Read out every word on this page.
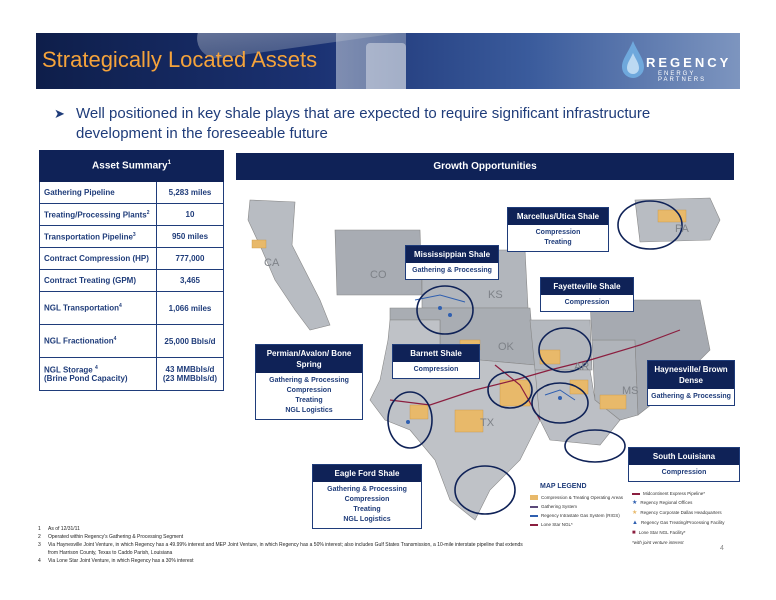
Strategically Located Assets	REGENCY
ENERGY PARTNERS
➤ Well positioned in key shale plays that are expected to require significant infrastructure development in the foreseeable future
Asset Summary$^1$
Gathering Pipeline	5,283 miles
Treating/Processing Plants$^2$	10
Transportation Pipeline$^3$	950 miles
Contract Compression (HP)	777,000
Contract Treating (GPM)	3,465
NGL Transportation$^4$	1,066 miles
NGL Fractionation$^4$	25,000 Bbls/d
NGL Storage $^4$
(Brine Pond Capacity)	43 MMBbls/d
(23 MMBbls/d)
Growth Opportunities
CA
CO
KS
OK
AR
MS
TX
PA
Marcellus/Utica Shale
Compression
Treating
Mississippian Shale
Gathering & Processing
Fayetteville Shale
Compression
Permian/Avalon/ Bone Spring
Gathering & Processing
Compression
Treating
NGL Logistics
Barnett Shale
Compression	Haynesville/ Brown Dense
Gathering & Processing
South Louisiana
Compression
Eagle Ford Shale
Gathering & Processing
Compression
Treating
NGL Logistics
MAP LEGEND
Compression & Treating Operating Areas
Gathering System
Regency Intrastate Gas System (RIGS)
Lone Star NGL*
Midcontinent Express Pipeline*
★ Regency Regional Offices
★ Regency Corporate Dallas Headquarters
▲ Regency Gas Treating/Processing Facility
■ Lone Star NGL Facility*
*with joint venture interest
1	As of 12/31/11
2	Operated within Regency's Gathering & Processing Segment
3	Via Haynesville Joint Venture, in which Regency has a 49.99% interest and MEP Joint Venture, in which Regency has a 50% interest; also includes Gulf States Transmission, a 10-mile interstate pipeline that extends
from Harrison County, Texas to Caddo Parish, Louisiana
4	Via Lone Star Joint Venture, in which Regency has a 30% interest
4
